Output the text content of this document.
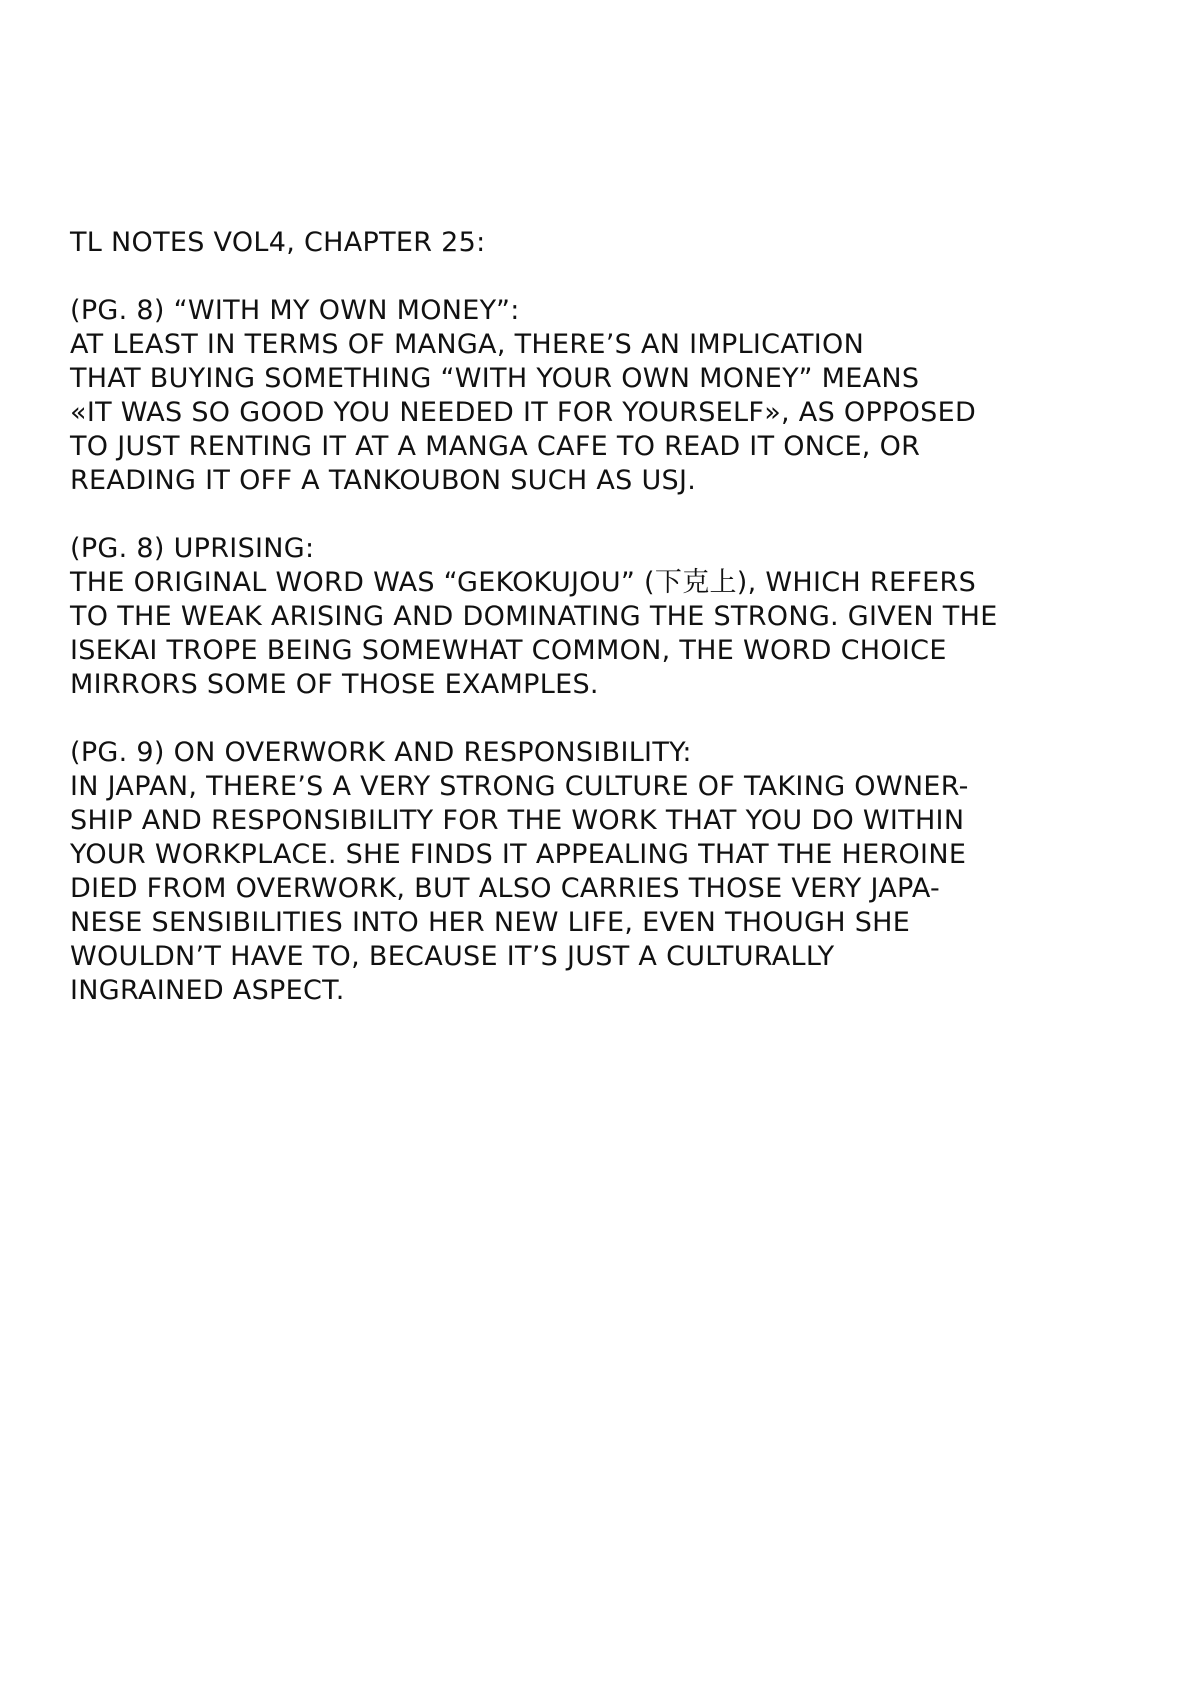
TL NOTES VOL4, CHAPTER 25:
(PG. 8) “WITH MY OWN MONEY”:
AT LEAST IN TERMS OF MANGA, THERE’S AN IMPLICATION
THAT BUYING SOMETHING “WITH YOUR OWN MONEY” MEANS
«IT WAS SO GOOD YOU NEEDED IT FOR YOURSELF», AS OPPOSED
TO JUST RENTING IT AT A MANGA CAFE TO READ IT ONCE, OR
READING IT OFF A TANKOUBON SUCH AS USJ.
(PG. 8) UPRISING:
THE ORIGINAL WORD WAS “GEKOKUJOU” (下克上), WHICH REFERS
TO THE WEAK ARISING AND DOMINATING THE STRONG. GIVEN THE
ISEKAI TROPE BEING SOMEWHAT COMMON, THE WORD CHOICE
MIRRORS SOME OF THOSE EXAMPLES.
(PG. 9) ON OVERWORK AND RESPONSIBILITY:
IN JAPAN, THERE’S A VERY STRONG CULTURE OF TAKING OWNER-
SHIP AND RESPONSIBILITY FOR THE WORK THAT YOU DO WITHIN
YOUR WORKPLACE. SHE FINDS IT APPEALING THAT THE HEROINE
DIED FROM OVERWORK, BUT ALSO CARRIES THOSE VERY JAPA-
NESE SENSIBILITIES INTO HER NEW LIFE, EVEN THOUGH SHE
WOULDN’T HAVE TO, BECAUSE IT’S JUST A CULTURALLY
INGRAINED ASPECT.
